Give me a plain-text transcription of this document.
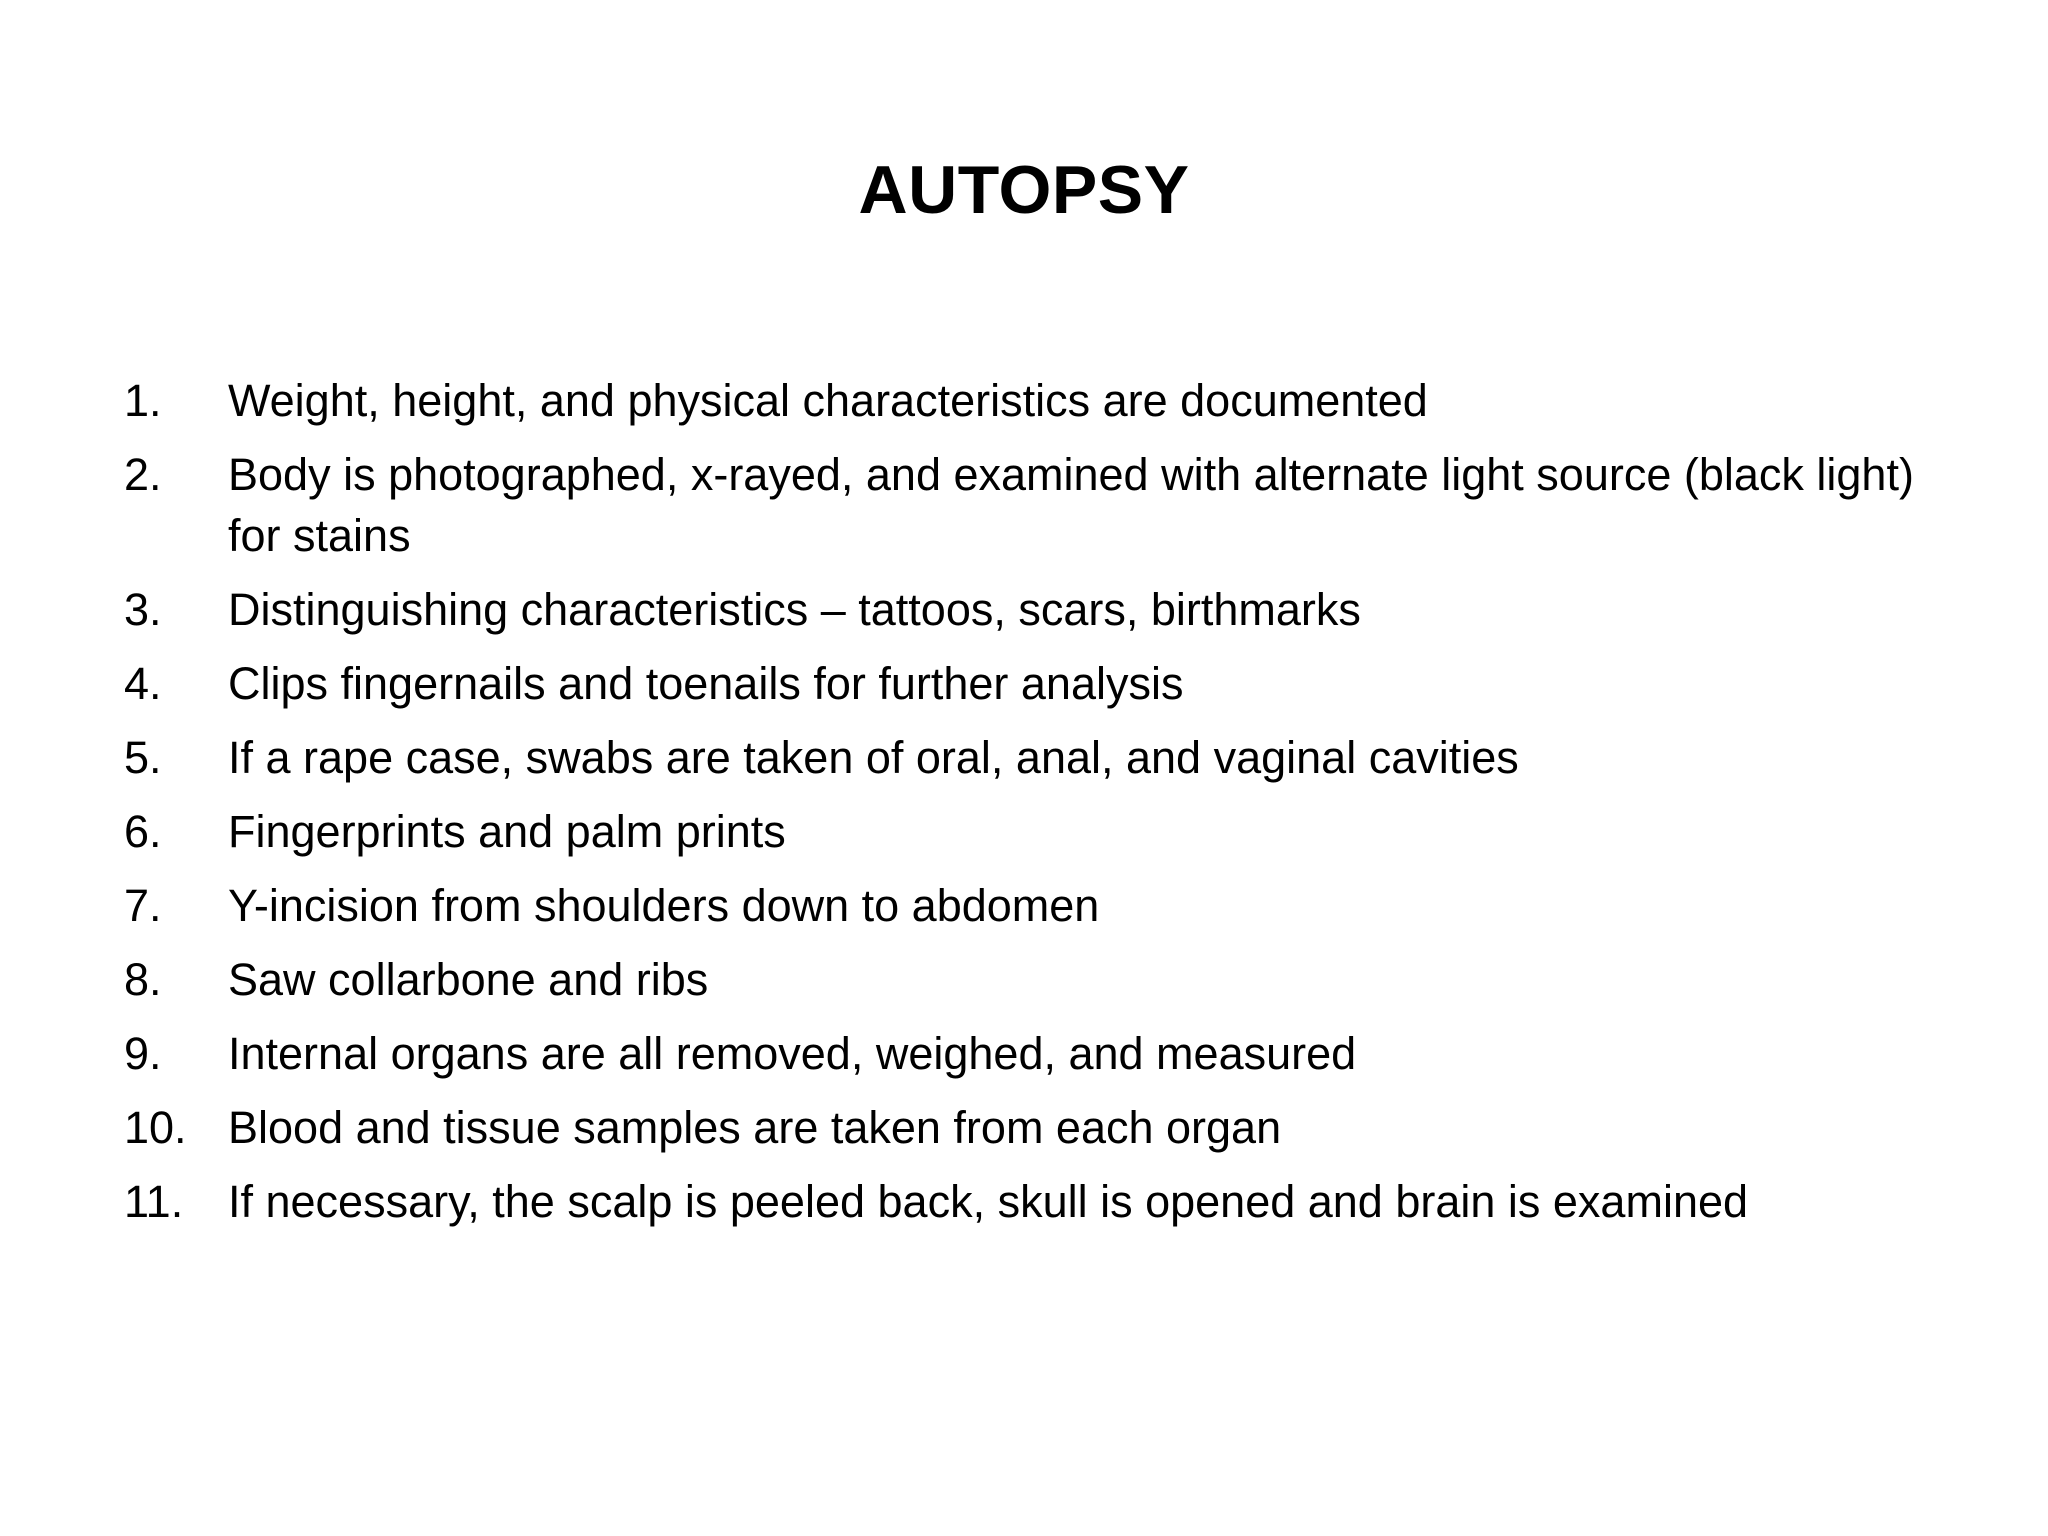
AUTOPSY
1.	Weight, height, and physical characteristics are documented
2.	Body is photographed, x-rayed, and examined with alternate light source (black light) for stains
3.	Distinguishing characteristics – tattoos, scars, birthmarks
4.	Clips fingernails and toenails for further analysis
5.	If a rape case, swabs are taken of oral, anal, and vaginal cavities
6.	Fingerprints and palm prints
7.	Y-incision from shoulders down to abdomen
8.	Saw collarbone and ribs
9.	Internal organs are all removed, weighed, and measured
10. Blood and tissue samples are taken from each organ
11. If necessary, the scalp is peeled back, skull is opened and brain is examined
